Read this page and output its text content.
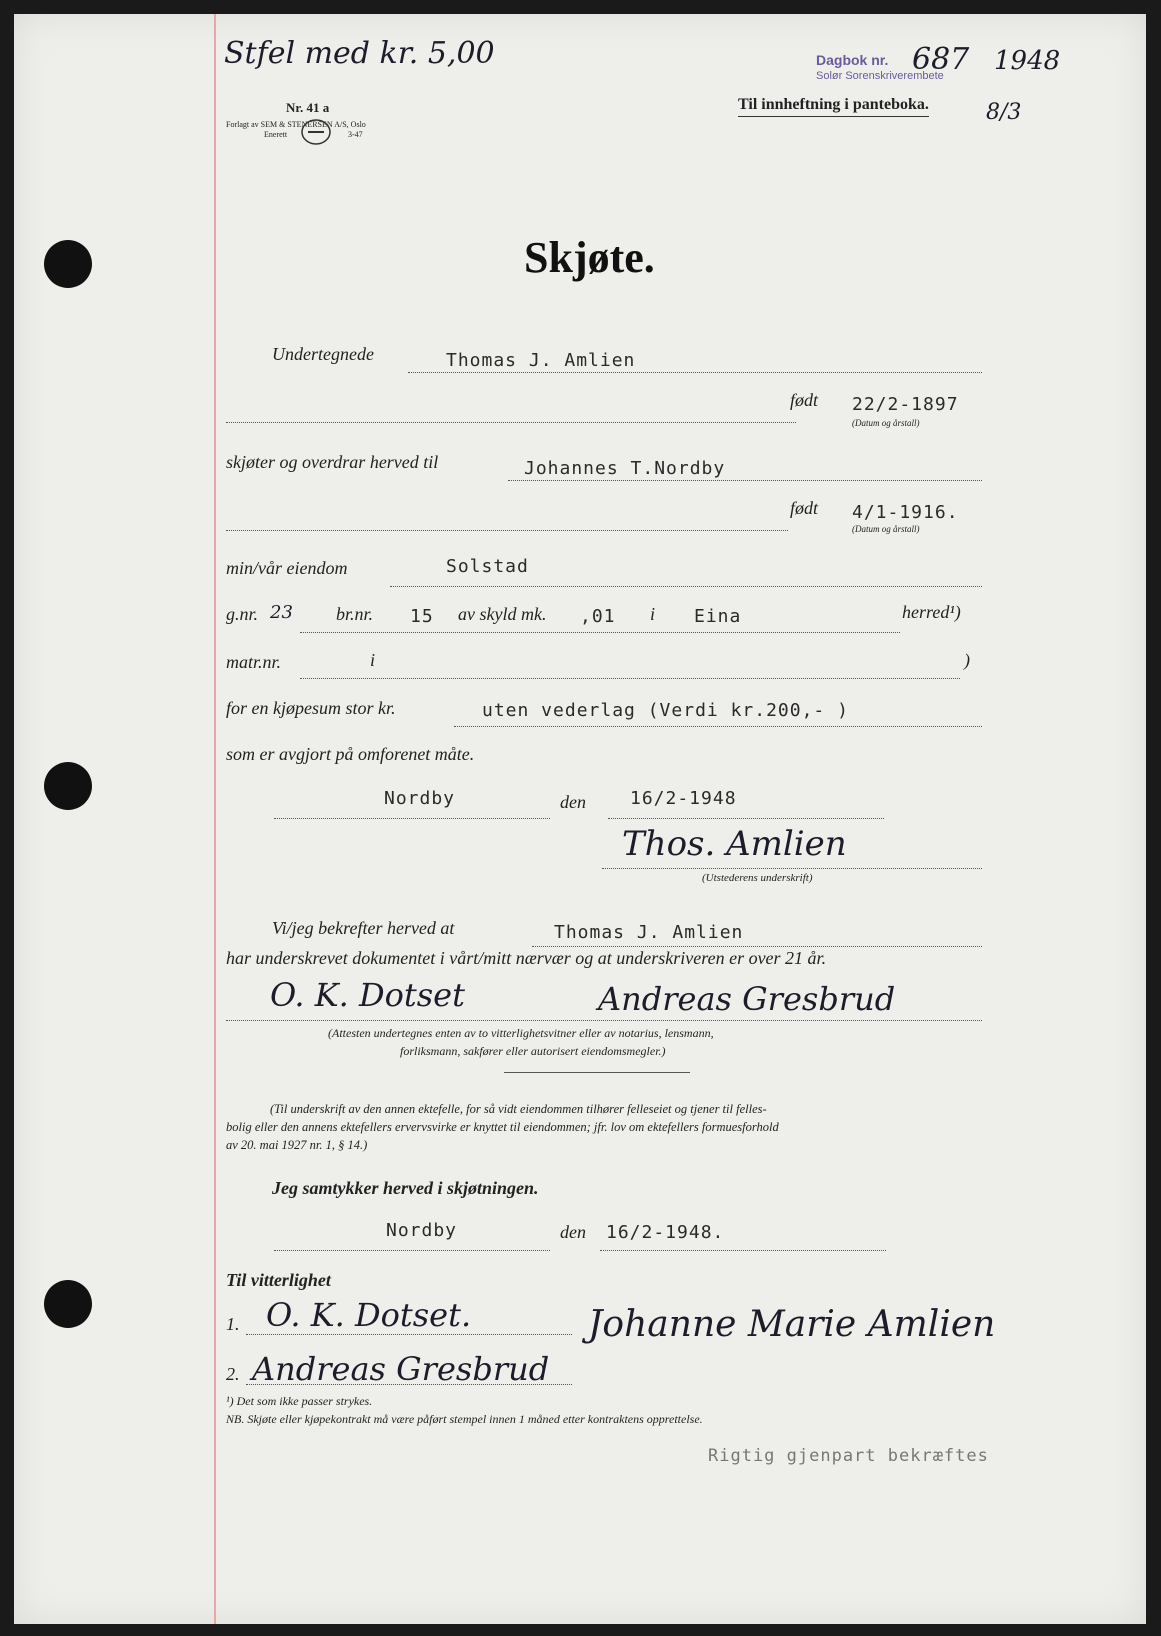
Stfel med kr. 5,00
Nr. 41 a
Forlagt av SEM & STENERSEN A/S, Oslo
Enerett	3-47
Dagbok nr.
Solør Sorenskriverembete
687 1948
Til innheftning i panteboka.	8/3
Skjøte.
Undertegnede	Thomas J. Amlien
født 22/2-1897
(Datum og årstall)
skjøter og overdrar herved til	Johannes T.Nordby
født 4/1-1916.
(Datum og årstall)
min/vår eiendom	Solstad
g.nr. 23 br.nr. 15 av skyld mk. ,01 i Eina	herred¹)
matr.nr.	i	)
for en kjøpesum stor kr.	uten vederlag (Verdi kr.200,- )
som er avgjort på omforenet måte.
Nordby	den 16/2-1948
Thos. Amlien
(Utstederens underskrift)
Vi/jeg bekrefter herved at	Thomas J. Amlien
har underskrevet dokumentet i vårt/mitt nærvær og at underskriveren er over 21 år.
O. K. Dotset	Andreas Gresbrud
(Attesten undertegnes enten av to vitterlighetsvitner eller av notarius, lensmann,
forliksmann, sakfører eller autorisert eiendomsmegler.)
(Til underskrift av den annen ektefelle, for så vidt eiendommen tilhører felleseiet og tjener til felles-
bolig eller den annens ektefellers ervervsvirke er knyttet til eiendommen; jfr. lov om ektefellers formuesforhold
av 20. mai 1927 nr. 1, § 14.)
Jeg samtykker herved i skjøtningen.
Nordby	den 16/2-1948.
Til vitterlighet
1. O. K. Dotset.
2. Andreas Gresbrud
Johanne Marie Amlien
¹) Det som ikke passer strykes.
NB. Skjøte eller kjøpekontrakt må være påført stempel innen 1 måned etter kontraktens opprettelse.
Rigtig gjenpart bekræftes
